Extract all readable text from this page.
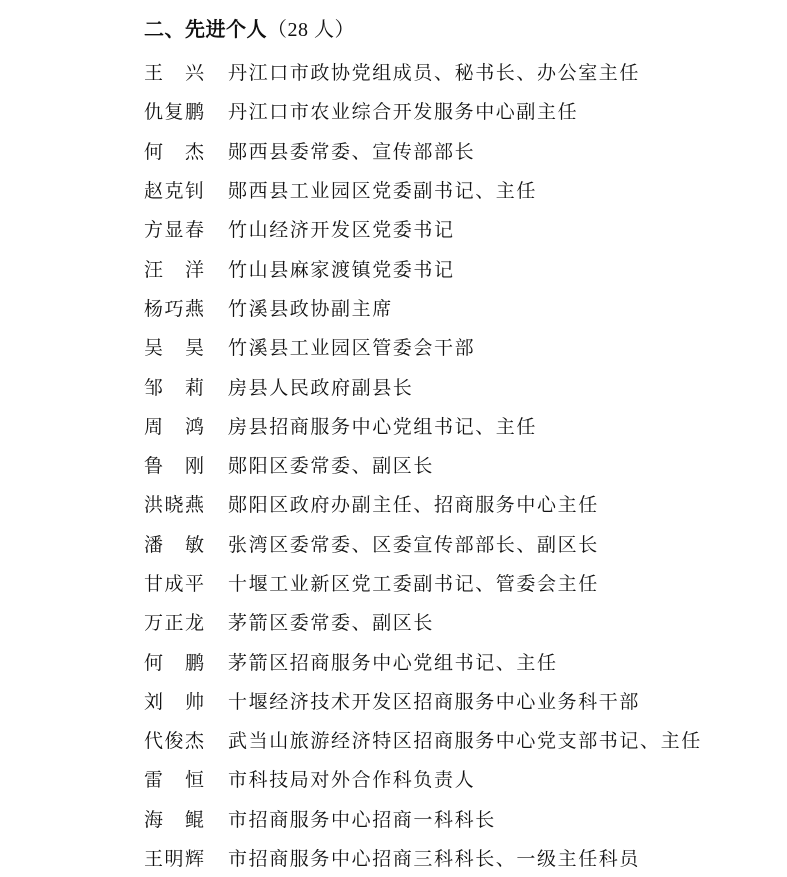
二、先进个人（28 人）
王　兴	丹江口市政协党组成员、秘书长、办公室主任
仇复鹏	丹江口市农业综合开发服务中心副主任
何　杰	郧西县委常委、宣传部部长
赵克钊	郧西县工业园区党委副书记、主任
方显春	竹山经济开发区党委书记
汪　洋	竹山县麻家渡镇党委书记
杨巧燕	竹溪县政协副主席
吴　昊	竹溪县工业园区管委会干部
邹　莉	房县人民政府副县长
周　鸿	房县招商服务中心党组书记、主任
鲁　刚	郧阳区委常委、副区长
洪晓燕	郧阳区政府办副主任、招商服务中心主任
潘　敏	张湾区委常委、区委宣传部部长、副区长
甘成平	十堰工业新区党工委副书记、管委会主任
万正龙	茅箭区委常委、副区长
何　鹏	茅箭区招商服务中心党组书记、主任
刘　帅	十堰经济技术开发区招商服务中心业务科干部
代俊杰	武当山旅游经济特区招商服务中心党支部书记、主任
雷　恒	市科技局对外合作科负责人
海　鲲	市招商服务中心招商一科科长
王明辉	市招商服务中心招商三科科长、一级主任科员
